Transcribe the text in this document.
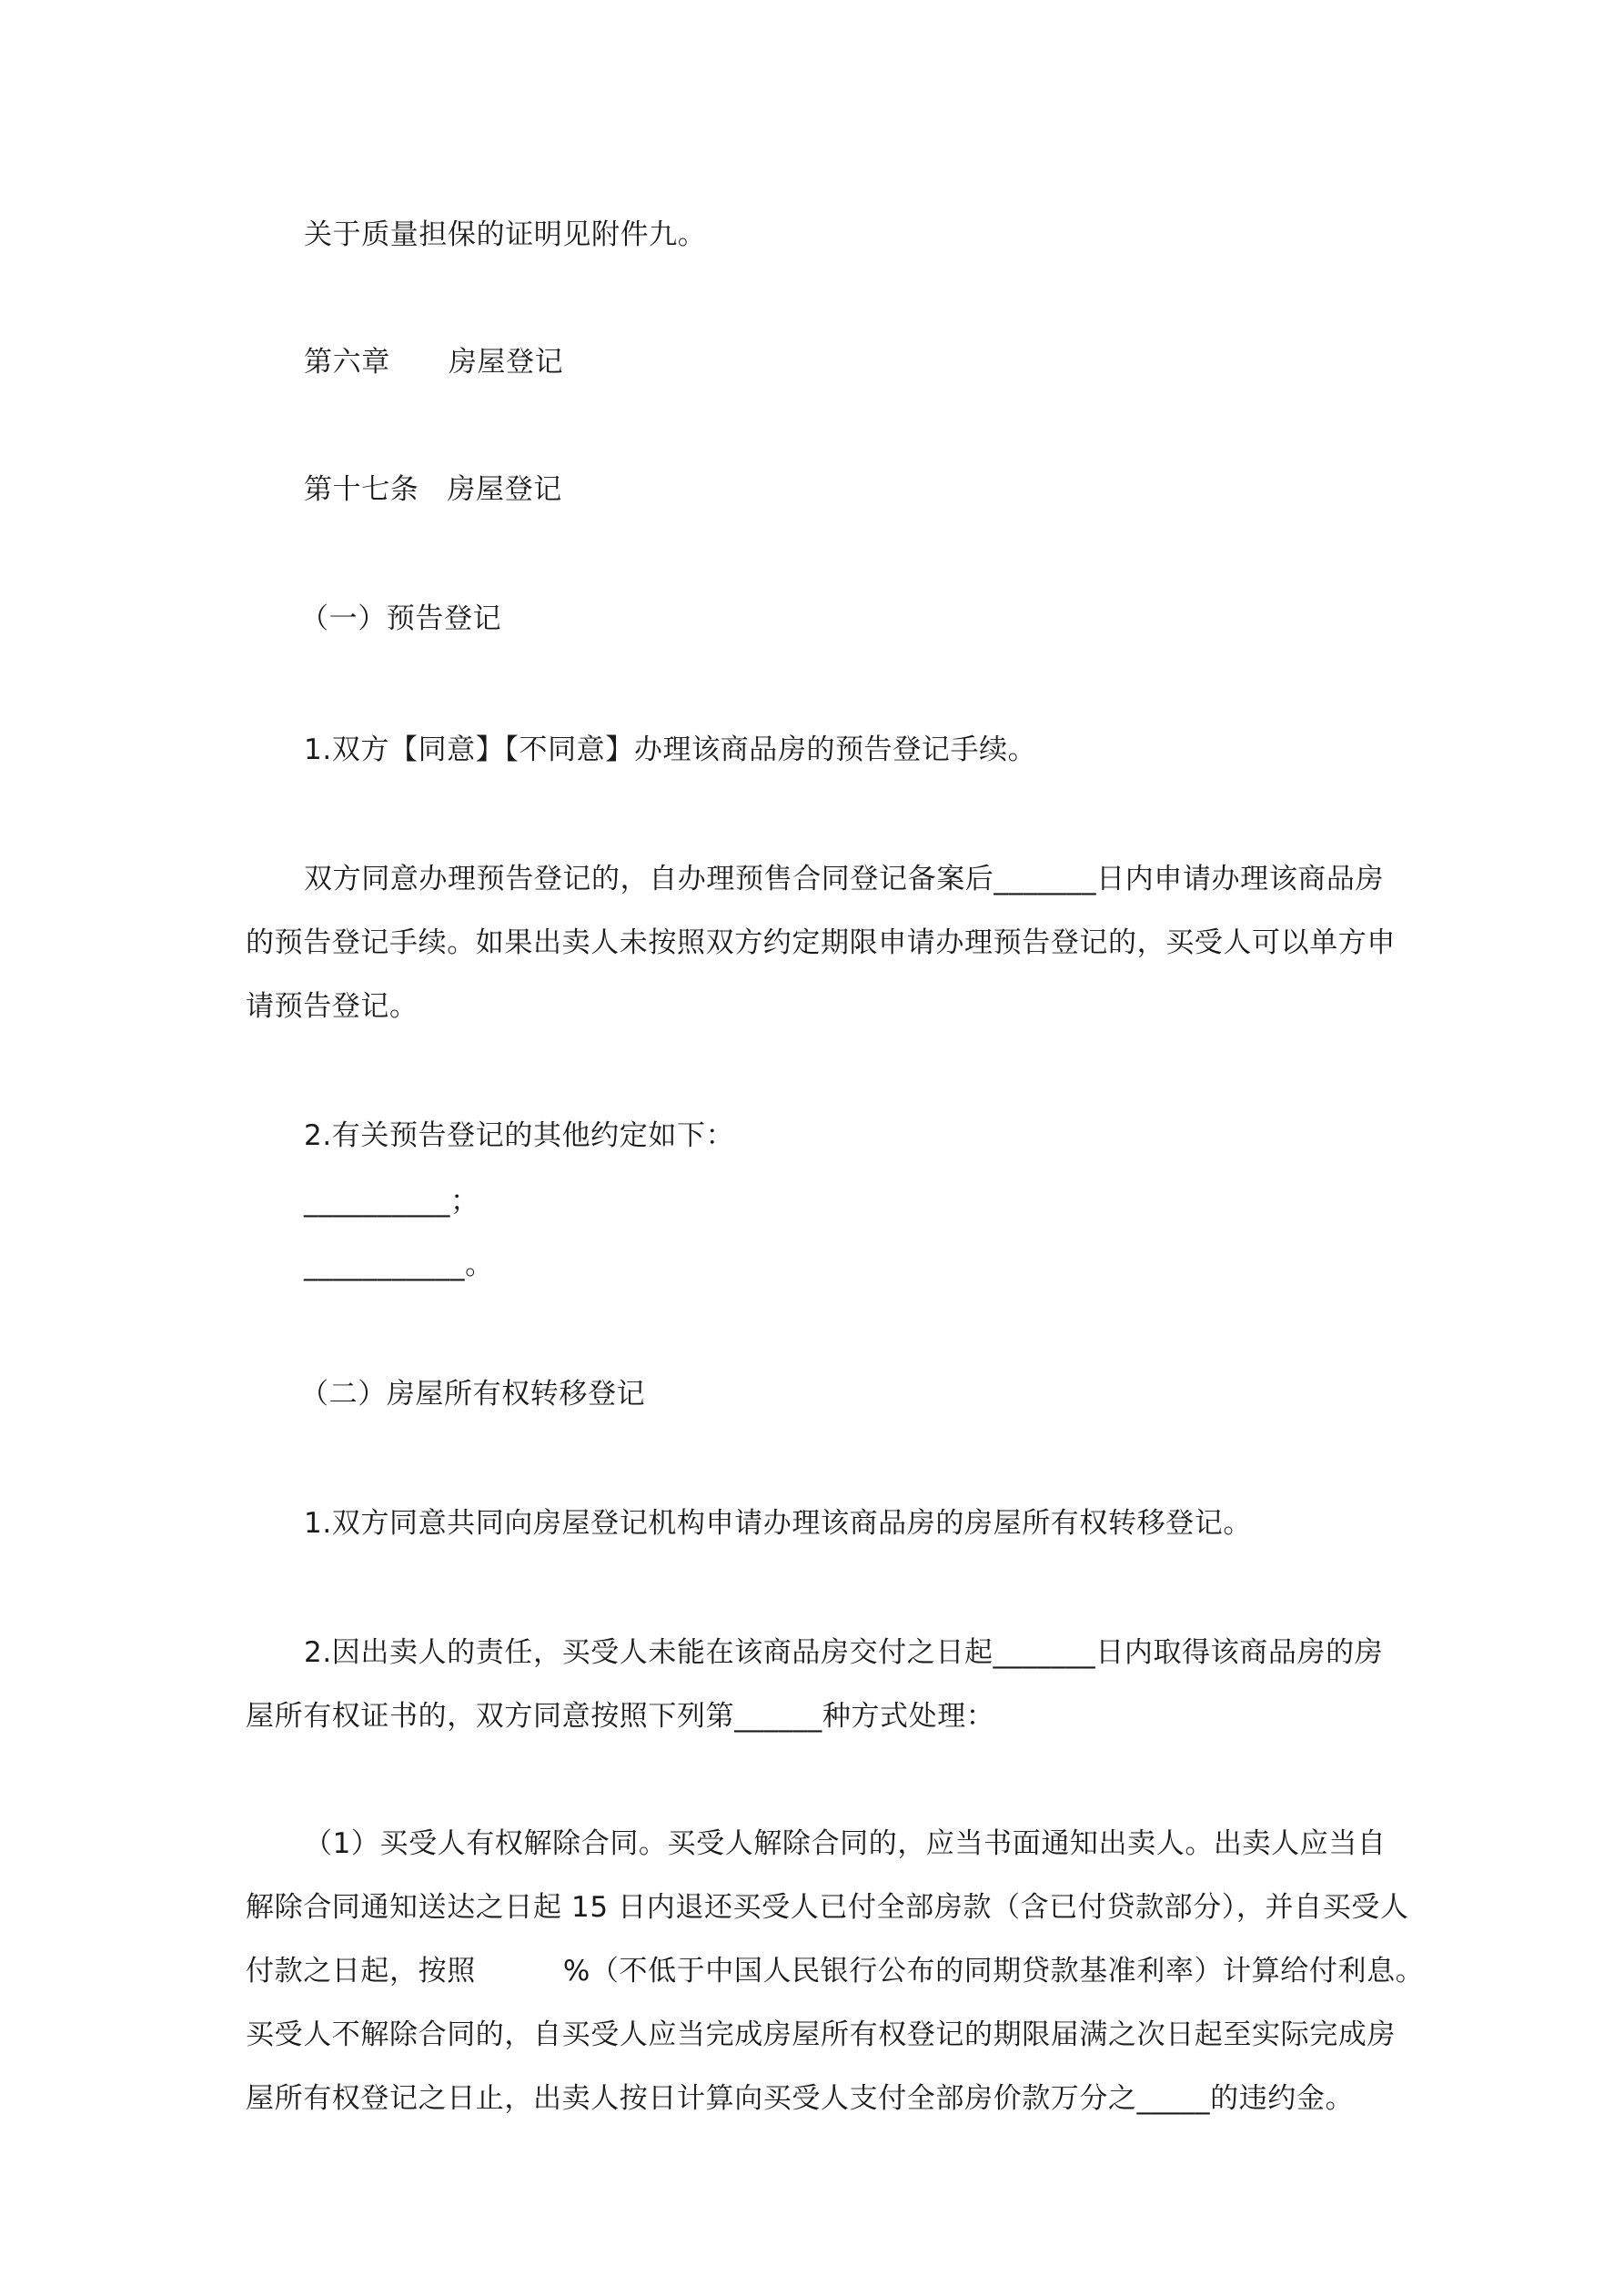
关于质量担保的证明见附件九。
第六章 房屋登记
第十七条 房屋登记
（一）预告登记
1.双方【同意】【不同意】办理该商品房的预告登记手续。
双方同意办理预告登记的，自办理预售合同登记备案后_______日内申请办理该商品房
的预告登记手续。如果出卖人未按照双方约定期限申请办理预告登记的，买受人可以单方申
请预告登记。
2.有关预告登记的其他约定如下：
__________；
___________。
（二）房屋所有权转移登记
1.双方同意共同向房屋登记机构申请办理该商品房的房屋所有权转移登记。
2.因出卖人的责任，买受人未能在该商品房交付之日起_______日内取得该商品房的房
屋所有权证书的，双方同意按照下列第______种方式处理：
（1）买受人有权解除合同。买受人解除合同的，应当书面通知出卖人。出卖人应当自
解除合同通知送达之日起 15 日内退还买受人已付全部房款（含已付贷款部分），并自买受人
付款之日起，按照	%（不低于中国人民银行公布的同期贷款基准利率）计算给付利息。
买受人不解除合同的，自买受人应当完成房屋所有权登记的期限届满之次日起至实际完成房
屋所有权登记之日止，出卖人按日计算向买受人支付全部房价款万分之_____的违约金。
